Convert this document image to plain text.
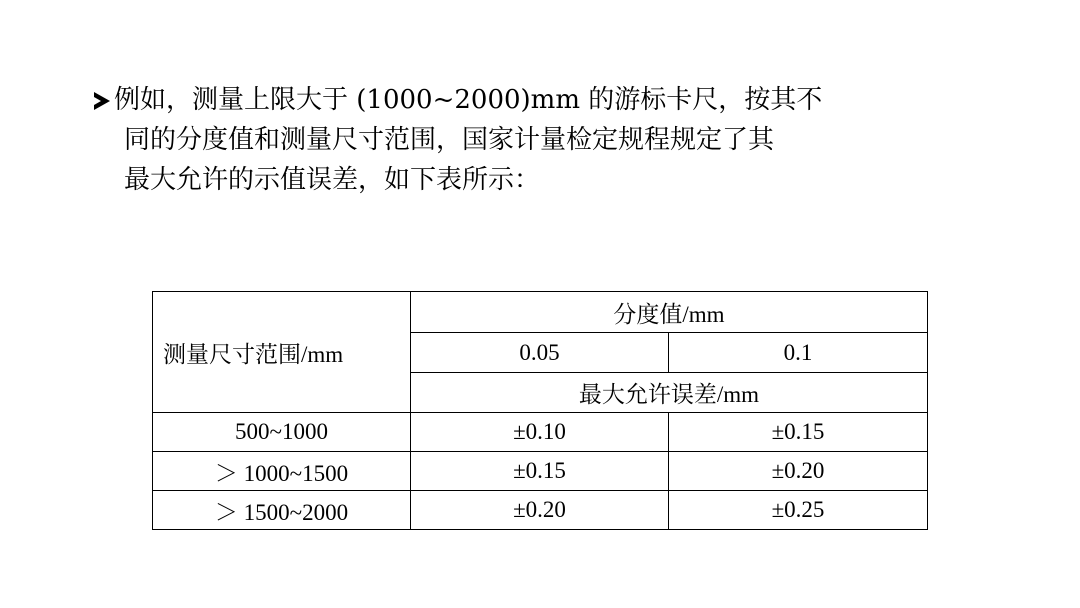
例如，测量上限大于 (1000~2000)mm 的游标卡尺，按其不
同的分度值和测量尺寸范围，国家计量检定规程规定了其
最大允许的示值误差，如下表所示：
测量尺寸范围/mm	分度值/mm	
	0.05	0.1
	最大允许误差/mm	
500~1000	±0.10	±0.15
＞ 1000~1500	±0.15	±0.20
＞ 1500~2000	±0.20	±0.25
